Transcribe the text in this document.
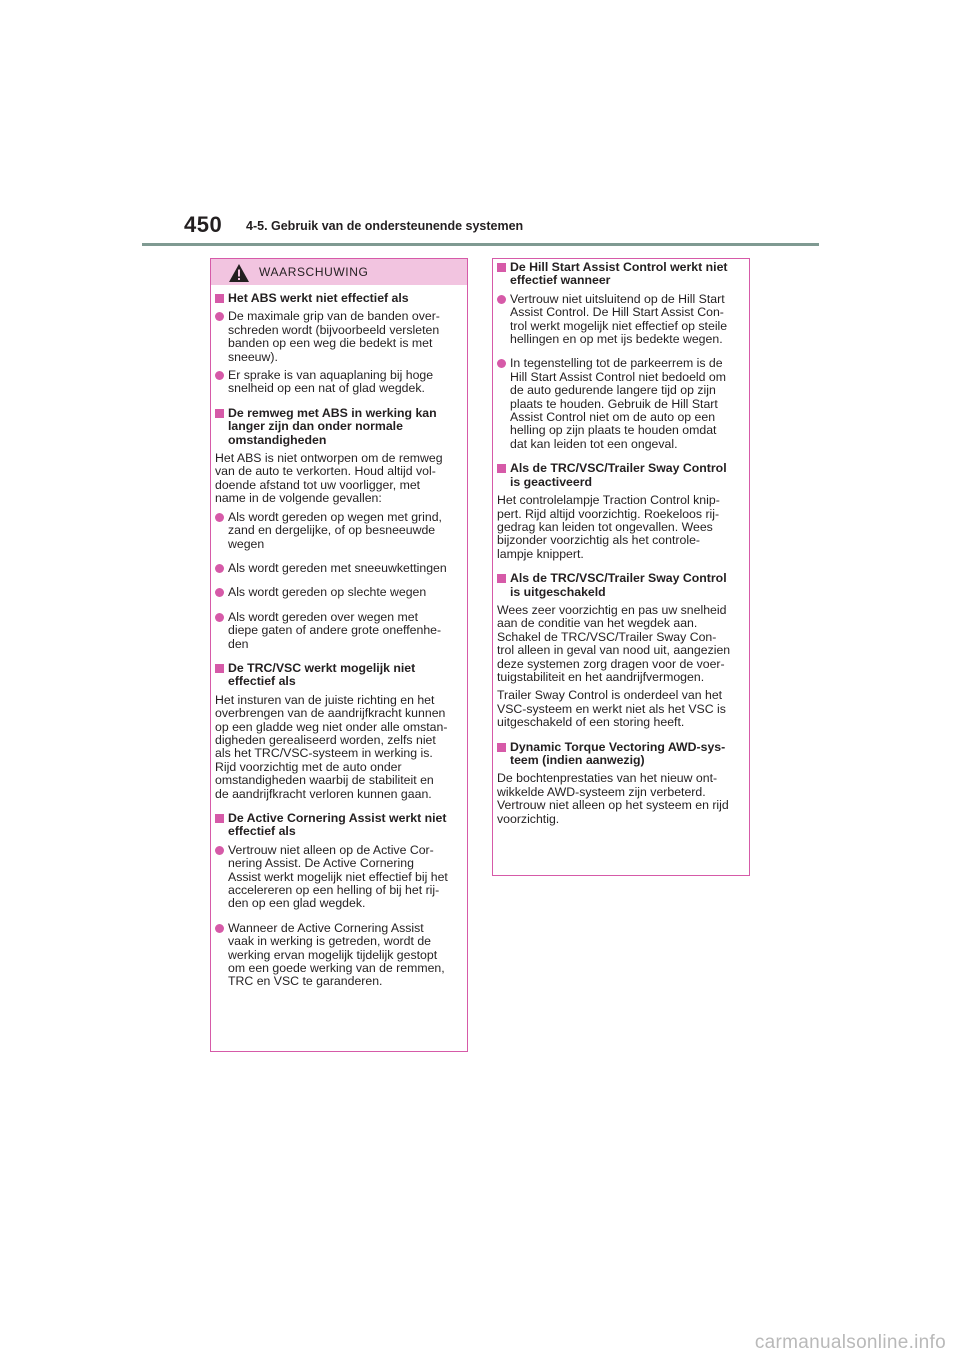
450 4-5. Gebruik van de ondersteunende systemen
WAARSCHUWING
Het ABS werkt niet effectief als
De maximale grip van de banden over-
schreden wordt (bijvoorbeeld versleten
banden op een weg die bedekt is met
sneeuw).
Er sprake is van aquaplaning bij hoge
snelheid op een nat of glad wegdek.
De remweg met ABS in werking kan
langer zijn dan onder normale
omstandigheden
Het ABS is niet ontworpen om de remweg
van de auto te verkorten. Houd altijd vol-
doende afstand tot uw voorligger, met
name in de volgende gevallen:
Als wordt gereden op wegen met grind,
zand en dergelijke, of op besneeuwde
wegen
Als wordt gereden met sneeuwkettingen
Als wordt gereden op slechte wegen
Als wordt gereden over wegen met
diepe gaten of andere grote oneffenhe-
den
De TRC/VSC werkt mogelijk niet
effectief als
Het insturen van de juiste richting en het
overbrengen van de aandrijfkracht kunnen
op een gladde weg niet onder alle omstan-
digheden gerealiseerd worden, zelfs niet
als het TRC/VSC-systeem in werking is.
Rijd voorzichtig met de auto onder
omstandigheden waarbij de stabiliteit en
de aandrijfkracht verloren kunnen gaan.
De Active Cornering Assist werkt niet
effectief als
Vertrouw niet alleen op de Active Cor-
nering Assist. De Active Cornering
Assist werkt mogelijk niet effectief bij het
accelereren op een helling of bij het rij-
den op een glad wegdek.
Wanneer de Active Cornering Assist
vaak in werking is getreden, wordt de
werking ervan mogelijk tijdelijk gestopt
om een goede werking van de remmen,
TRC en VSC te garanderen.
De Hill Start Assist Control werkt niet
effectief wanneer
Vertrouw niet uitsluitend op de Hill Start
Assist Control. De Hill Start Assist Con-
trol werkt mogelijk niet effectief op steile
hellingen en op met ijs bedekte wegen.
In tegenstelling tot de parkeerrem is de
Hill Start Assist Control niet bedoeld om
de auto gedurende langere tijd op zijn
plaats te houden. Gebruik de Hill Start
Assist Control niet om de auto op een
helling op zijn plaats te houden omdat
dat kan leiden tot een ongeval.
Als de TRC/VSC/Trailer Sway Control
is geactiveerd
Het controlelampje Traction Control knip-
pert. Rijd altijd voorzichtig. Roekeloos rij-
gedrag kan leiden tot ongevallen. Wees
bijzonder voorzichtig als het controle-
lampje knippert.
Als de TRC/VSC/Trailer Sway Control
is uitgeschakeld
Wees zeer voorzichtig en pas uw snelheid
aan de conditie van het wegdek aan.
Schakel de TRC/VSC/Trailer Sway Con-
trol alleen in geval van nood uit, aangezien
deze systemen zorg dragen voor de voer-
tuigstabiliteit en het aandrijfvermogen.
Trailer Sway Control is onderdeel van het
VSC-systeem en werkt niet als het VSC is
uitgeschakeld of een storing heeft.
Dynamic Torque Vectoring AWD-sys-
teem (indien aanwezig)
De bochtenprestaties van het nieuw ont-
wikkelde AWD-systeem zijn verbeterd.
Vertrouw niet alleen op het systeem en rijd
voorzichtig.
carmanualsonline.info
